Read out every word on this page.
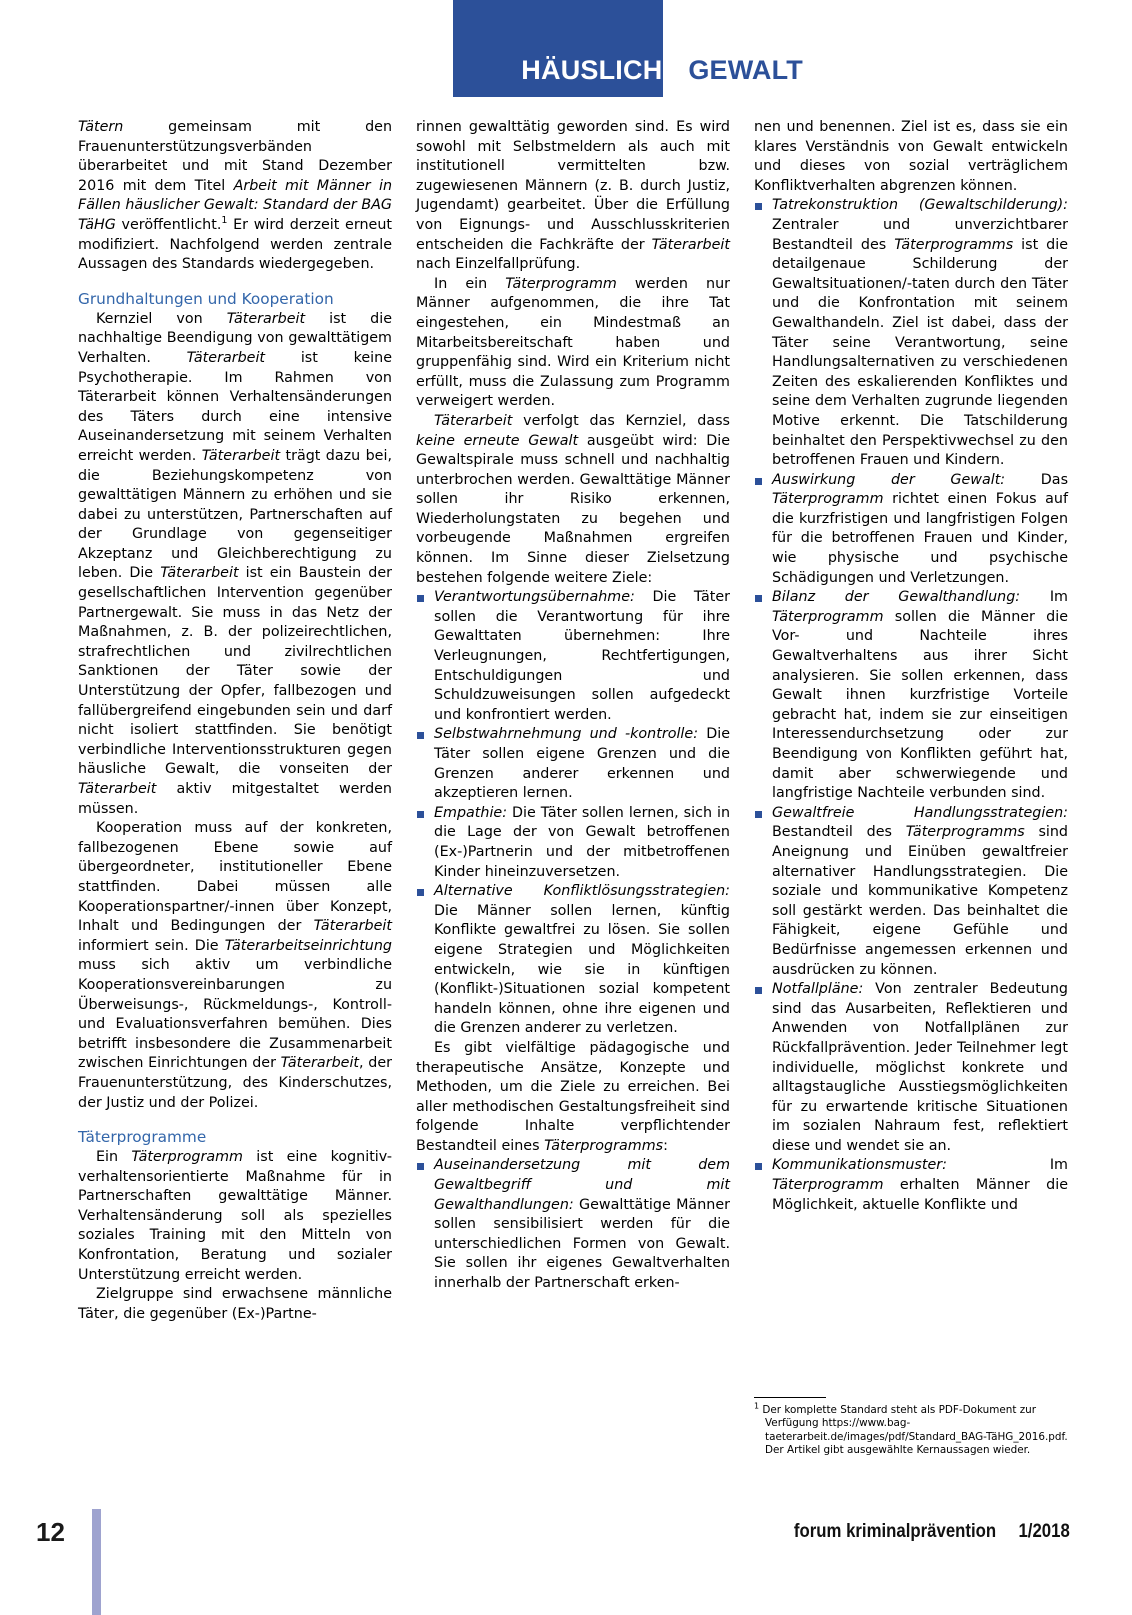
HÄUSLICHE GEWALT

Tätern	gemeinsam mit den Frauenunterstützungsverbänden überarbeitet und mit Stand Dezember 2016 mit dem Titel Arbeit mit Männer in Fällen häuslicher Gewalt: Standard der BAG TäHG veröffentlicht.$^1$ Er wird derzeit erneut modifiziert. Nachfolgend werden zentrale Aussagen des Standards wiedergegeben.

Grundhaltungen und Kooperation

Kernziel von Täterarbeit ist die nachhaltige Beendigung von gewalttätigem Verhalten.	Täterarbeit	ist keine Psychotherapie. Im Rahmen von Täterarbeit können Verhaltensänderungen des Täters durch eine intensive Auseinandersetzung mit seinem Verhalten erreicht werden. Täterarbeit trägt dazu bei, die Beziehungskompetenz von gewalttätigen Männern zu erhöhen und sie dabei zu unterstützen, Partnerschaften auf der Grundlage von gegenseitiger Akzeptanz und Gleichberechtigung zu leben. Die Täterarbeit ist ein Baustein der gesellschaftlichen Intervention gegenüber Partnergewalt. Sie muss in das Netz der Maßnahmen, z. B. der polizeirechtlichen, strafrechtlichen und zivilrechtlichen Sanktionen der Täter sowie der Unterstützung der Opfer, fallbezogen und fallübergreifend eingebunden sein und darf nicht isoliert stattfinden. Sie benötigt verbindliche Interventionsstrukturen gegen häusliche Gewalt, die vonseiten der Täterarbeit aktiv mitgestaltet werden müssen.

Kooperation muss auf der konkreten, fallbezogenen Ebene sowie auf übergeordneter, institutioneller Ebene stattfinden. Dabei müssen alle Kooperationspartner/-innen über Konzept, Inhalt und Bedingungen der Täterarbeit informiert sein. Die Täterarbeitseinrichtung muss sich aktiv um verbindliche Kooperationsvereinbarungen zu Überweisungs-, Rückmeldungs-, Kontroll- und Evaluationsverfahren bemühen. Dies betrifft insbesondere die Zusammenarbeit zwischen Einrichtungen der Täterarbeit, der Frauenunterstützung, des Kinderschutzes, der Justiz und der Polizei.

Täterprogramme

Ein Täterprogramm ist eine kognitiv-verhaltensorientierte Maßnahme für in Partnerschaften gewalttätige Männer. Verhaltensänderung soll als spezielles soziales Training mit den Mitteln von Konfrontation, Beratung und sozialer Unterstützung erreicht werden.

Zielgruppe sind erwachsene männliche Täter, die gegenüber (Ex-)Partne-

rinnen gewalttätig geworden sind. Es wird sowohl mit Selbstmeldern als auch mit institutionell vermittelten bzw. zugewiesenen Männern (z. B. durch Justiz, Jugendamt) gearbeitet. Über die Erfüllung von Eignungs- und Ausschlusskriterien entscheiden die Fachkräfte der Täterarbeit nach Einzelfallprüfung.

In ein Täterprogramm werden nur Männer aufgenommen, die ihre Tat eingestehen, ein Mindestmaß an Mitarbeitsbereitschaft haben und gruppenfähig sind. Wird ein Kriterium nicht erfüllt, muss die Zulassung zum Programm verweigert werden.

Täterarbeit verfolgt das Kernziel, dass keine erneute Gewalt ausgeübt wird: Die Gewaltspirale muss schnell und nachhaltig unterbrochen werden. Gewalttätige Männer sollen ihr Risiko erkennen, Wiederholungstaten zu begehen und vorbeugende Maßnahmen ergreifen können. Im Sinne dieser Zielsetzung bestehen folgende weitere Ziele:

Verantwortungsübernahme: Die Täter sollen die Verantwortung für ihre Gewalttaten übernehmen: Ihre Verleugnungen, Rechtfertigungen, Entschuldigungen und Schuldzuweisungen sollen aufgedeckt und konfrontiert werden.
Selbstwahrnehmung und -kontrolle: Die Täter sollen eigene Grenzen und die Grenzen anderer erkennen und akzeptieren lernen.
Empathie: Die Täter sollen lernen, sich in die Lage der von Gewalt betroffenen (Ex-)Partnerin und der mitbetroffenen Kinder hineinzuversetzen.
Alternative Konfliktlösungsstrategien: Die Männer sollen lernen, künftig Konflikte gewaltfrei zu lösen. Sie sollen eigene Strategien und Möglichkeiten entwickeln, wie sie in künftigen (Konflikt-)Situationen sozial kompetent handeln können, ohne ihre eigenen und die Grenzen anderer zu verletzen.

Es gibt vielfältige pädagogische und therapeutische Ansätze, Konzepte und Methoden, um die Ziele zu erreichen. Bei aller methodischen Gestaltungsfreiheit sind folgende Inhalte verpflichtender Bestandteil eines Täterprogramms:

Auseinandersetzung mit dem Gewaltbegriff und mit Gewalthandlungen: Gewalttätige Männer sollen sensibilisiert werden für die unterschiedlichen Formen von Gewalt. Sie sollen ihr eigenes Gewaltverhalten innerhalb der Partnerschaft erken-

nen und benennen. Ziel ist es, dass sie ein klares Verständnis von Gewalt entwickeln und dieses von sozial verträglichem Konfliktverhalten abgrenzen können.

Tatrekonstruktion (Gewaltschilderung): Zentraler und unverzichtbarer Bestandteil des Täterprogramms ist die detailgenaue Schilderung der Gewaltsituationen/-taten durch den Täter und die Konfrontation mit seinem Gewalthandeln. Ziel ist dabei, dass der Täter seine Verantwortung, seine Handlungsalternativen zu verschiedenen Zeiten des eskalierenden Konfliktes und seine dem Verhalten zugrunde liegenden Motive erkennt. Die Tatschilderung beinhaltet den Perspektivwechsel zu den betroffenen Frauen und Kindern.
Auswirkung der Gewalt: Das Täterprogramm richtet einen Fokus auf die kurzfristigen und langfristigen Folgen für die betroffenen Frauen und Kinder, wie physische und psychische Schädigungen und Verletzungen.
Bilanz der Gewalthandlung: Im Täterprogramm sollen die Männer die Vor- und Nachteile ihres Gewaltverhaltens aus ihrer Sicht analysieren. Sie sollen erkennen, dass Gewalt ihnen kurzfristige Vorteile gebracht hat, indem sie zur einseitigen Interessendurchsetzung oder zur Beendigung von Konflikten geführt hat, damit aber schwerwiegende und langfristige Nachteile verbunden sind.
Gewaltfreie Handlungsstrategien: Bestandteil des Täterprogramms sind Aneignung und Einüben gewaltfreier alternativer Handlungsstrategien. Die soziale und kommunikative Kompetenz soll gestärkt werden. Das beinhaltet die Fähigkeit, eigene Gefühle und Bedürfnisse angemessen erkennen und ausdrücken zu können.
Notfallpläne: Von zentraler Bedeutung sind das Ausarbeiten, Reflektieren und Anwenden von Notfallplänen zur Rückfallprävention. Jeder Teilnehmer legt individuelle, möglichst konkrete und alltagstaugliche Ausstiegsmöglichkeiten für zu erwartende kritische Situationen im sozialen Nahraum fest, reflektiert diese und wendet sie an.
Kommunikationsmuster:	Im Täterprogramm erhalten Männer die Möglichkeit, aktuelle Konflikte und
$^1$ Der komplette Standard steht als PDF-Dokument zur Verfügung https://www.bag-taeterarbeit.de/images/pdf/Standard_BAG-TäHG_2016.pdf. Der Artikel gibt ausgewählte Kernaussagen wieder.
12	forum kriminalprävention 1/2018
